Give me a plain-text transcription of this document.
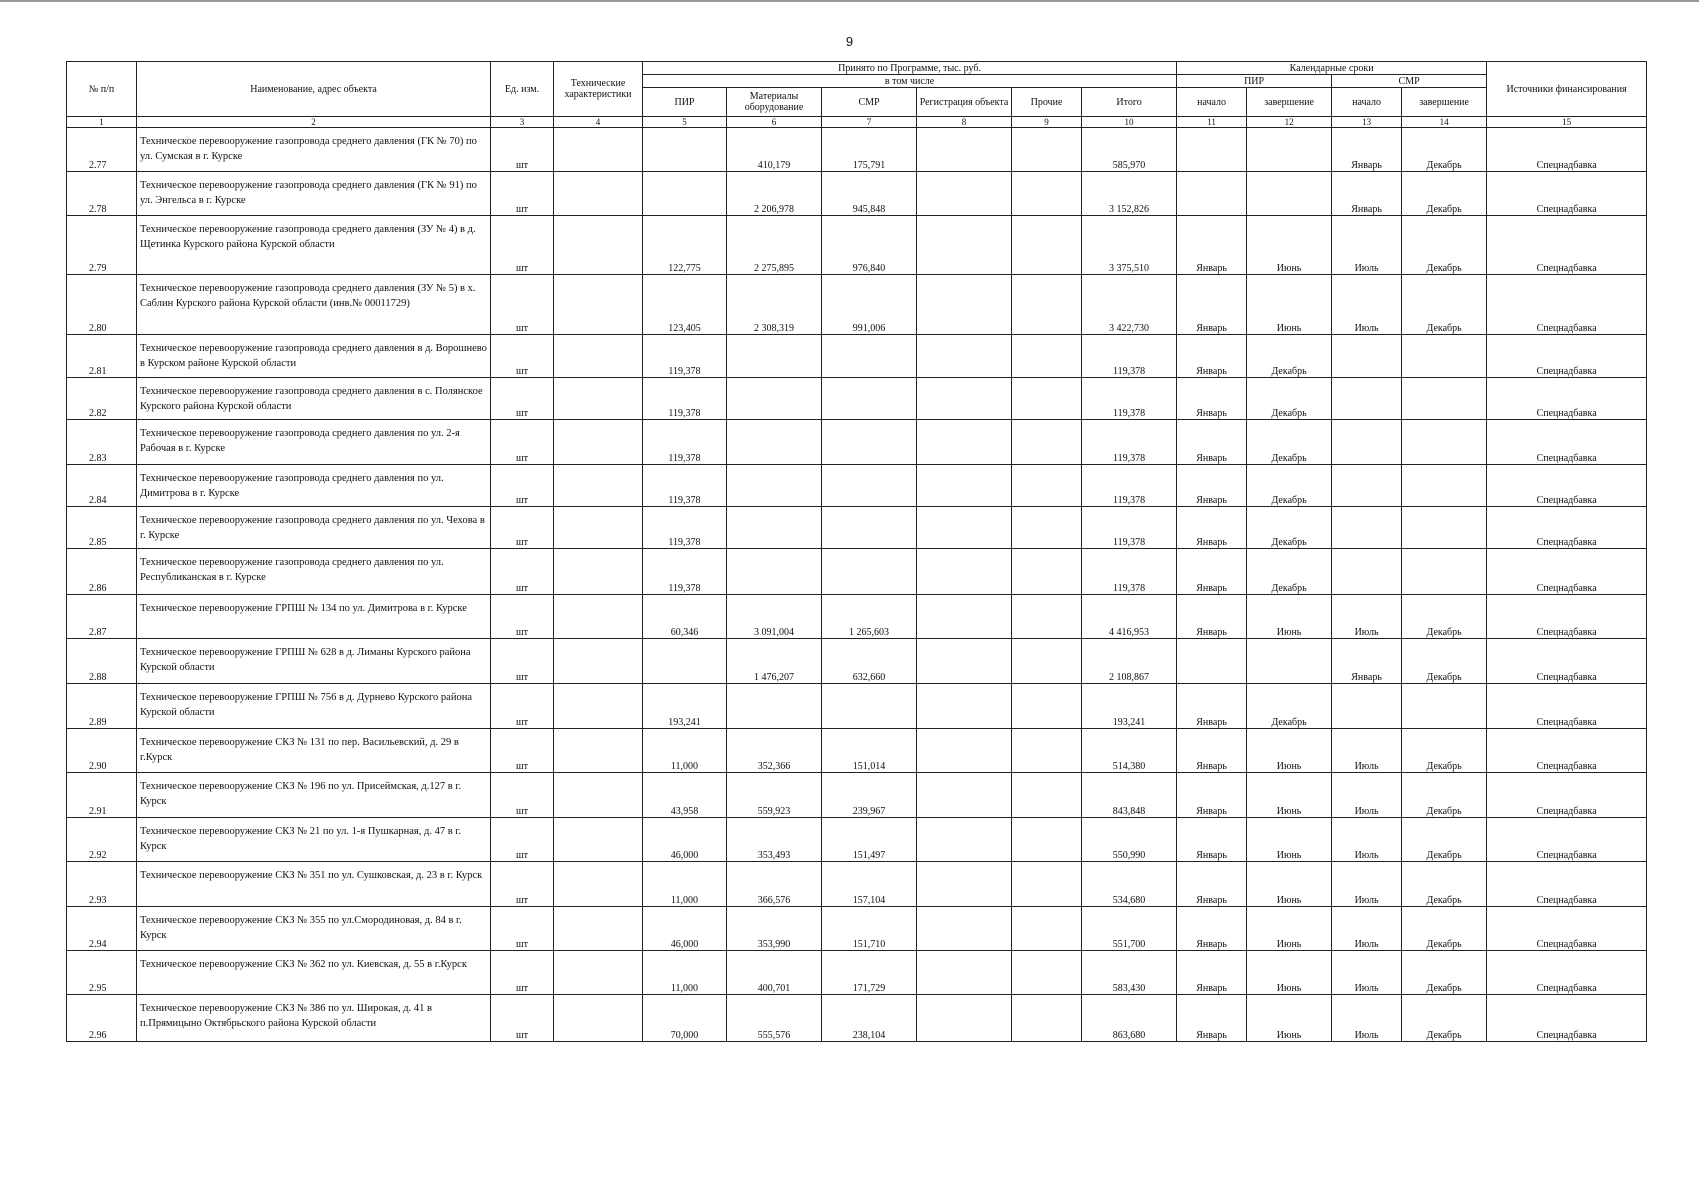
9
№ п/п	Наименование, адрес объекта	Ед. изм.	Технические характеристики	Принято по Программе, тыс. руб.						Календарные сроки				Источники финансирования
				в том числе						ПИР		СМР		
				ПИР	Материалы оборудование	СМР	Регистрация объекта	Прочие	Итого	начало	завершение	начало	завершение	
1	2	3	4	5	6	7	8	9	10	11	12	13	14	15
2.77	Техническое перевооружение газопровода среднего давления (ГК № 70) по ул. Сумская в г. Курске	шт			410,179	175,791			585,970			Январь	Декабрь	Спецнадбавка
2.78	Техническое перевооружение газопровода среднего давления (ГК № 91) по ул. Энгельса в г. Курске	шт			2 206,978	945,848			3 152,826			Январь	Декабрь	Спецнадбавка
2.79	Техническое перевооружение газопровода среднего давления (ЗУ № 4) в д. Щетинка Курского района Курской области	шт		122,775	2 275,895	976,840			3 375,510	Январь	Июнь	Июль	Декабрь	Спецнадбавка
2.80	Техническое перевооружение газопровода среднего давления (ЗУ № 5) в х. Саблин Курского района Курской области (инв.№ 00011729)	шт		123,405	2 308,319	991,006			3 422,730	Январь	Июнь	Июль	Декабрь	Спецнадбавка
2.81	Техническое перевооружение газопровода среднего давления в д. Ворошнево в Курском районе Курской области	шт		119,378					119,378	Январь	Декабрь			Спецнадбавка
2.82	Техническое перевооружение газопровода среднего давления в с. Полянское Курского района Курской области	шт		119,378					119,378	Январь	Декабрь			Спецнадбавка
2.83	Техническое перевооружение газопровода среднего давления по ул. 2-я Рабочая в г. Курске	шт		119,378					119,378	Январь	Декабрь			Спецнадбавка
2.84	Техническое перевооружение газопровода среднего давления по ул. Димитрова в г. Курске	шт		119,378					119,378	Январь	Декабрь			Спецнадбавка
2.85	Техническое перевооружение газопровода среднего давления по ул. Чехова в г. Курске	шт		119,378					119,378	Январь	Декабрь			Спецнадбавка
2.86	Техническое перевооружение газопровода среднего давления по ул. Республиканская в г. Курске	шт		119,378					119,378	Январь	Декабрь			Спецнадбавка
2.87	Техническое перевооружение ГРПШ № 134 по ул. Димитрова в г. Курске	шт		60,346	3 091,004	1 265,603			4 416,953	Январь	Июнь	Июль	Декабрь	Спецнадбавка
2.88	Техническое перевооружение ГРПШ № 628 в д. Лиманы Курского района Курской области	шт			1 476,207	632,660			2 108,867			Январь	Декабрь	Спецнадбавка
2.89	Техническое перевооружение ГРПШ № 756 в д. Дурнево Курского района Курской области	шт		193,241					193,241	Январь	Декабрь			Спецнадбавка
2.90	Техническое перевооружение СКЗ № 131 по пер. Васильевский, д. 29 в г.Курск	шт		11,000	352,366	151,014			514,380	Январь	Июнь	Июль	Декабрь	Спецнадбавка
2.91	Техническое перевооружение СКЗ № 196 по ул. Присеймская, д.127 в г. Курск	шт		43,958	559,923	239,967			843,848	Январь	Июнь	Июль	Декабрь	Спецнадбавка
2.92	Техническое перевооружение СКЗ № 21 по ул. 1-я Пушкарная, д. 47 в г. Курск	шт		46,000	353,493	151,497			550,990	Январь	Июнь	Июль	Декабрь	Спецнадбавка
2.93	Техническое перевооружение СКЗ № 351 по ул. Сушковская, д. 23 в г. Курск	шт		11,000	366,576	157,104			534,680	Январь	Июнь	Июль	Декабрь	Спецнадбавка
2.94	Техническое перевооружение СКЗ № 355 по ул.Смородиновая, д. 84 в г. Курск	шт		46,000	353,990	151,710			551,700	Январь	Июнь	Июль	Декабрь	Спецнадбавка
2.95	Техническое перевооружение СКЗ № 362 по ул. Киевская, д. 55 в г.Курск	шт		11,000	400,701	171,729			583,430	Январь	Июнь	Июль	Декабрь	Спецнадбавка
2.96	Техническое перевооружение СКЗ № 386 по ул. Широкая, д. 41 в п.Прямицыно Октябрьского района Курской области	шт		70,000	555,576	238,104			863,680	Январь	Июнь	Июль	Декабрь	Спецнадбавка
